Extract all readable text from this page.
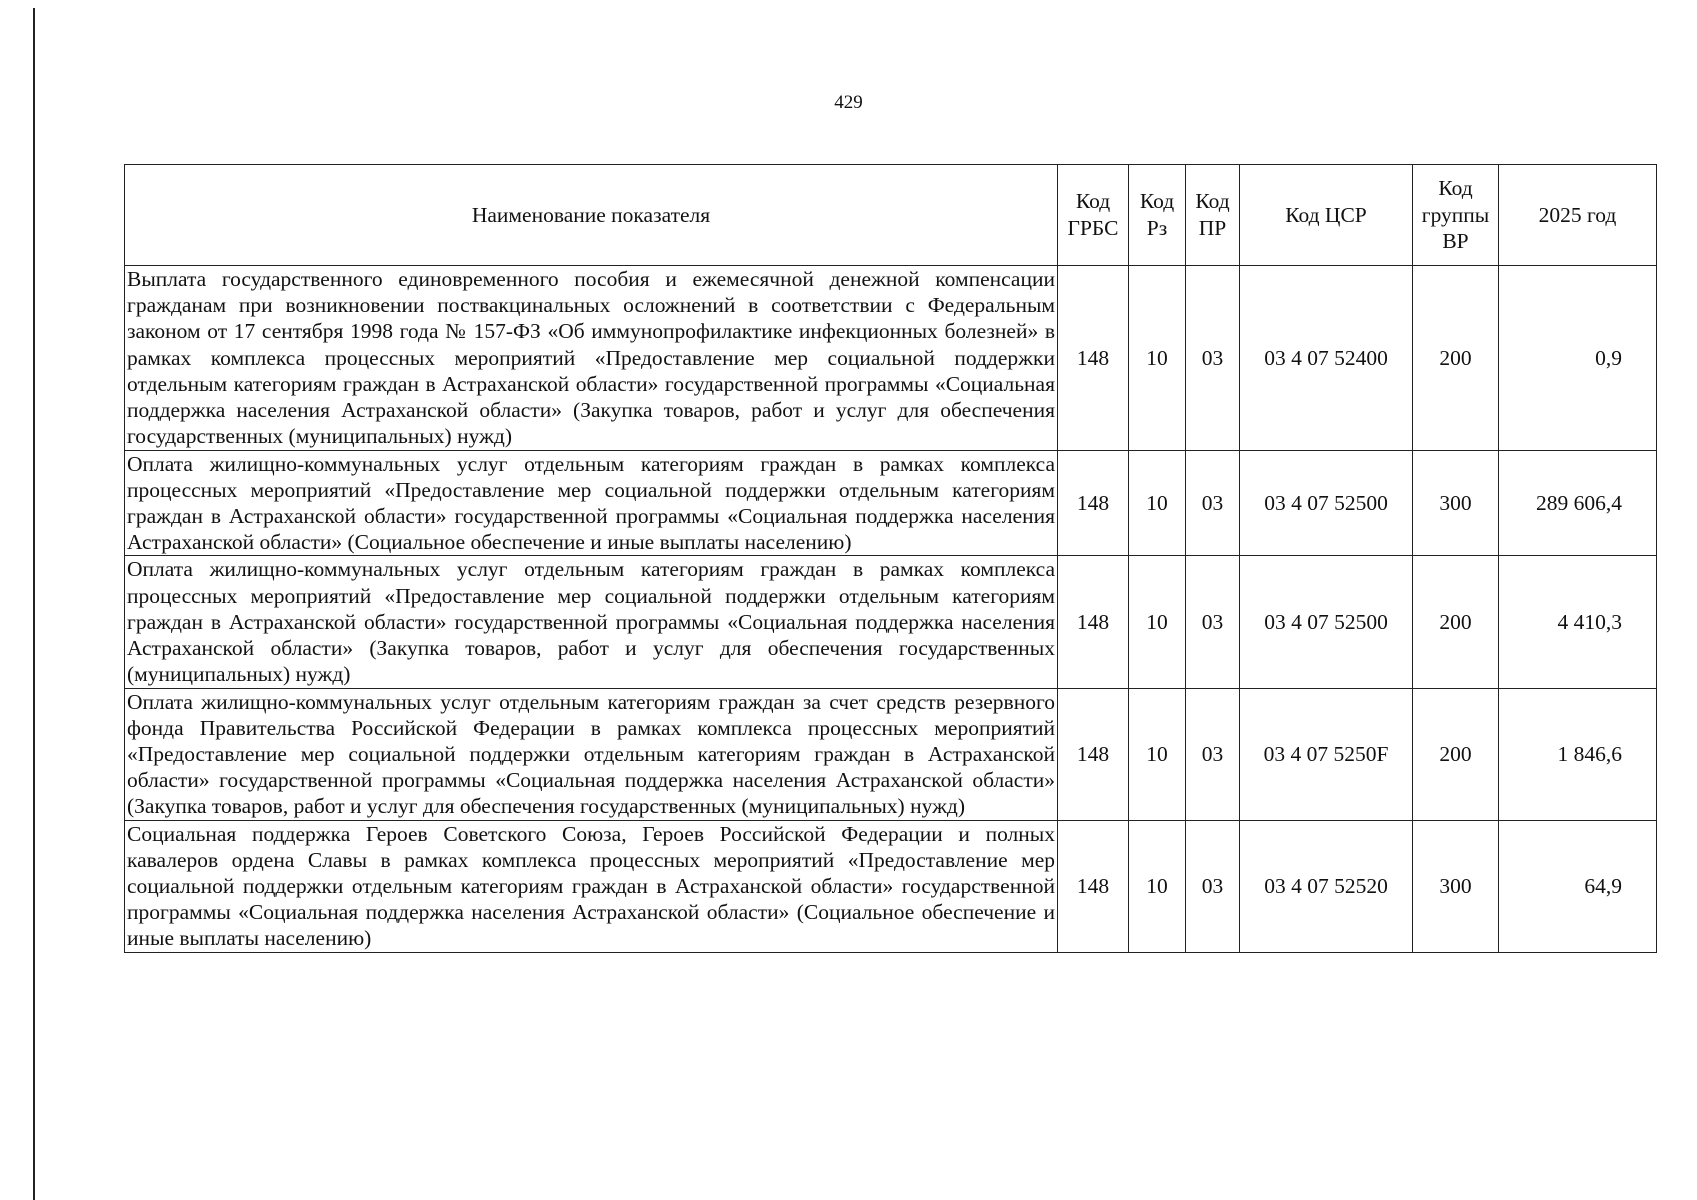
429
Наименование показателя	Код ГРБС	Код Рз	Код ПР	Код ЦСР	Код группы ВР	2025 год
Выплата государственного единовременного пособия и ежемесячной денежной компенсации гражданам при возникновении поствакцинальных осложнений в соответствии с Федеральным законом от 17 сентября 1998 года № 157-ФЗ «Об иммунопрофилактике инфекционных болезней» в рамках комплекса процессных мероприятий «Предоставление мер социальной поддержки отдельным категориям граждан в Астраханской области» государственной программы «Социальная поддержка населения Астраханской области» (Закупка товаров, работ и услуг для обеспечения государственных (муниципальных) нужд)	148	10	03	03 4 07 52400	200	0,9
Оплата жилищно-коммунальных услуг отдельным категориям граждан в рамках комплекса процессных мероприятий «Предоставление мер социальной поддержки отдельным категориям граждан в Астраханской области» государственной программы «Социальная поддержка населения Астраханской области» (Социальное обеспечение и иные выплаты населению)	148	10	03	03 4 07 52500	300	289 606,4
Оплата жилищно-коммунальных услуг отдельным категориям граждан в рамках комплекса процессных мероприятий «Предоставление мер социальной поддержки отдельным категориям граждан в Астраханской области» государственной программы «Социальная поддержка населения Астраханской области» (Закупка товаров, работ и услуг для обеспечения государственных (муниципальных) нужд)	148	10	03	03 4 07 52500	200	4 410,3
Оплата жилищно-коммунальных услуг отдельным категориям граждан за счет средств резервного фонда Правительства Российской Федерации в рамках комплекса процессных мероприятий «Предоставление мер социальной поддержки отдельным категориям граждан в Астраханской области» государственной программы «Социальная поддержка населения Астраханской области» (Закупка товаров, работ и услуг для обеспечения государственных (муниципальных) нужд)	148	10	03	03 4 07 5250F	200	1 846,6
Социальная поддержка Героев Советского Союза, Героев Российской Федерации и полных кавалеров ордена Славы в рамках комплекса процессных мероприятий «Предоставление мер социальной поддержки отдельным категориям граждан в Астраханской области» государственной программы «Социальная поддержка населения Астраханской области» (Социальное обеспечение и иные выплаты населению)	148	10	03	03 4 07 52520	300	64,9
